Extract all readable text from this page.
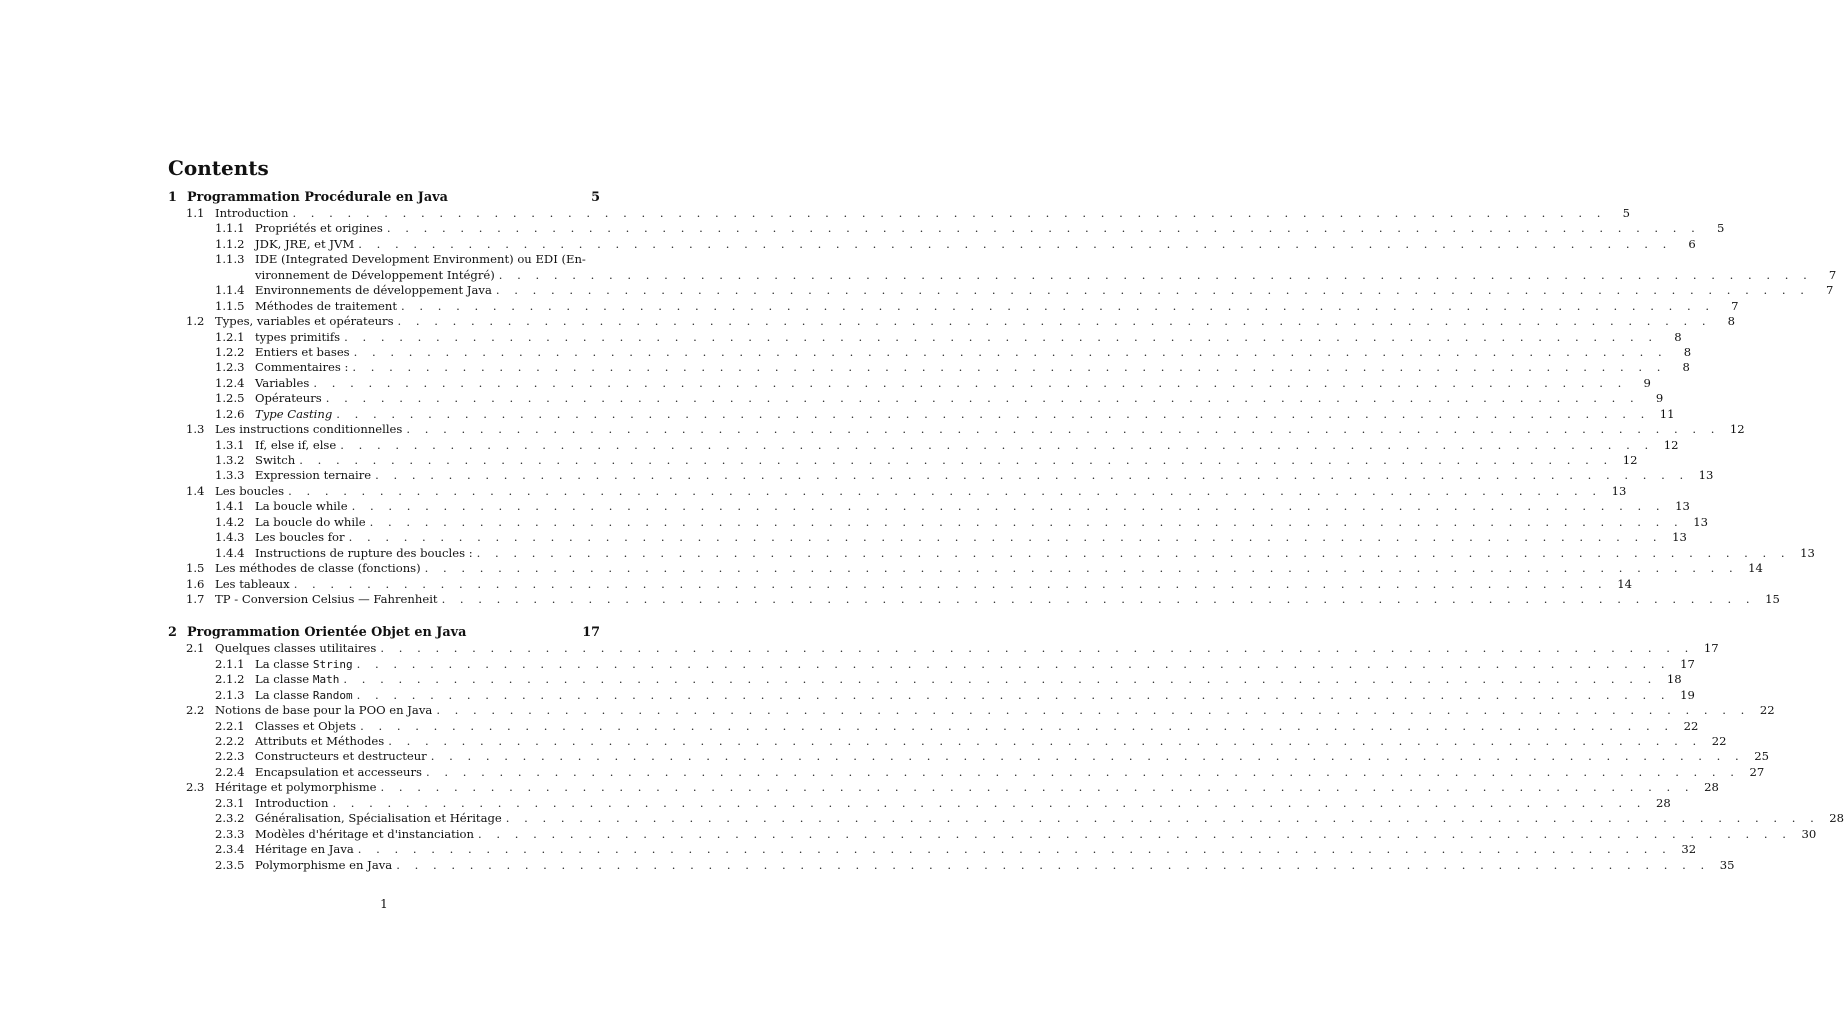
Contents
1 Programmation Procédurale en Java	5
1.1 Introduction . . .	5
1.1.1 Propriétés et origines . . .	5
1.1.2 JDK, JRE, et JVM . . .	6
1.1.3 IDE (Integrated Development Environment) ou EDI (En-
vironnement de Développement Intégré) . . .	7
1.1.4 Environnements de développement Java . . .	7
1.1.5 Méthodes de traitement . . .	7
1.2 Types, variables et opérateurs . . .	8
1.2.1 types primitifs . . .	8
1.2.2 Entiers et bases . . .	8
1.2.3 Commentaires : . . .	8
1.2.4 Variables . . .	9
1.2.5 Opérateurs . . .	9
1.2.6 Type Casting . . .	11
1.3 Les instructions conditionnelles . . .	12
1.3.1 If, else if, else . . .	12
1.3.2 Switch . . .	12
1.3.3 Expression ternaire . . .	13
1.4 Les boucles . . .	13
1.4.1 La boucle while . . .	13
1.4.2 La boucle do while . . .	13
1.4.3 Les boucles for . . .	13
1.4.4 Instructions de rupture des boucles : . . .	13
1.5 Les méthodes de classe (fonctions) . . .	14
1.6 Les tableaux . . .	14
1.7 TP - Conversion Celsius — Fahrenheit . . .	15
2 Programmation Orientée Objet en Java	17
2.1 Quelques classes utilitaires . . .	17
2.1.1 La classe String . . .	17
2.1.2 La classe Math . . .	18
2.1.3 La classe Random . . .	19
2.2 Notions de base pour la POO en Java . . .	22
2.2.1 Classes et Objets . . .	22
2.2.2 Attributs et Méthodes . . .	22
2.2.3 Constructeurs et destructeur . . .	25
2.2.4 Encapsulation et accesseurs . . .	27
2.3 Héritage et polymorphisme . . .	28
2.3.1 Introduction . . .	28
2.3.2 Généralisation, Spécialisation et Héritage . . .	28
2.3.3 Modèles d'héritage et d'instanciation . . .	30
2.3.4 Héritage en Java . . .	32
2.3.5 Polymorphisme en Java . . .	35
1
